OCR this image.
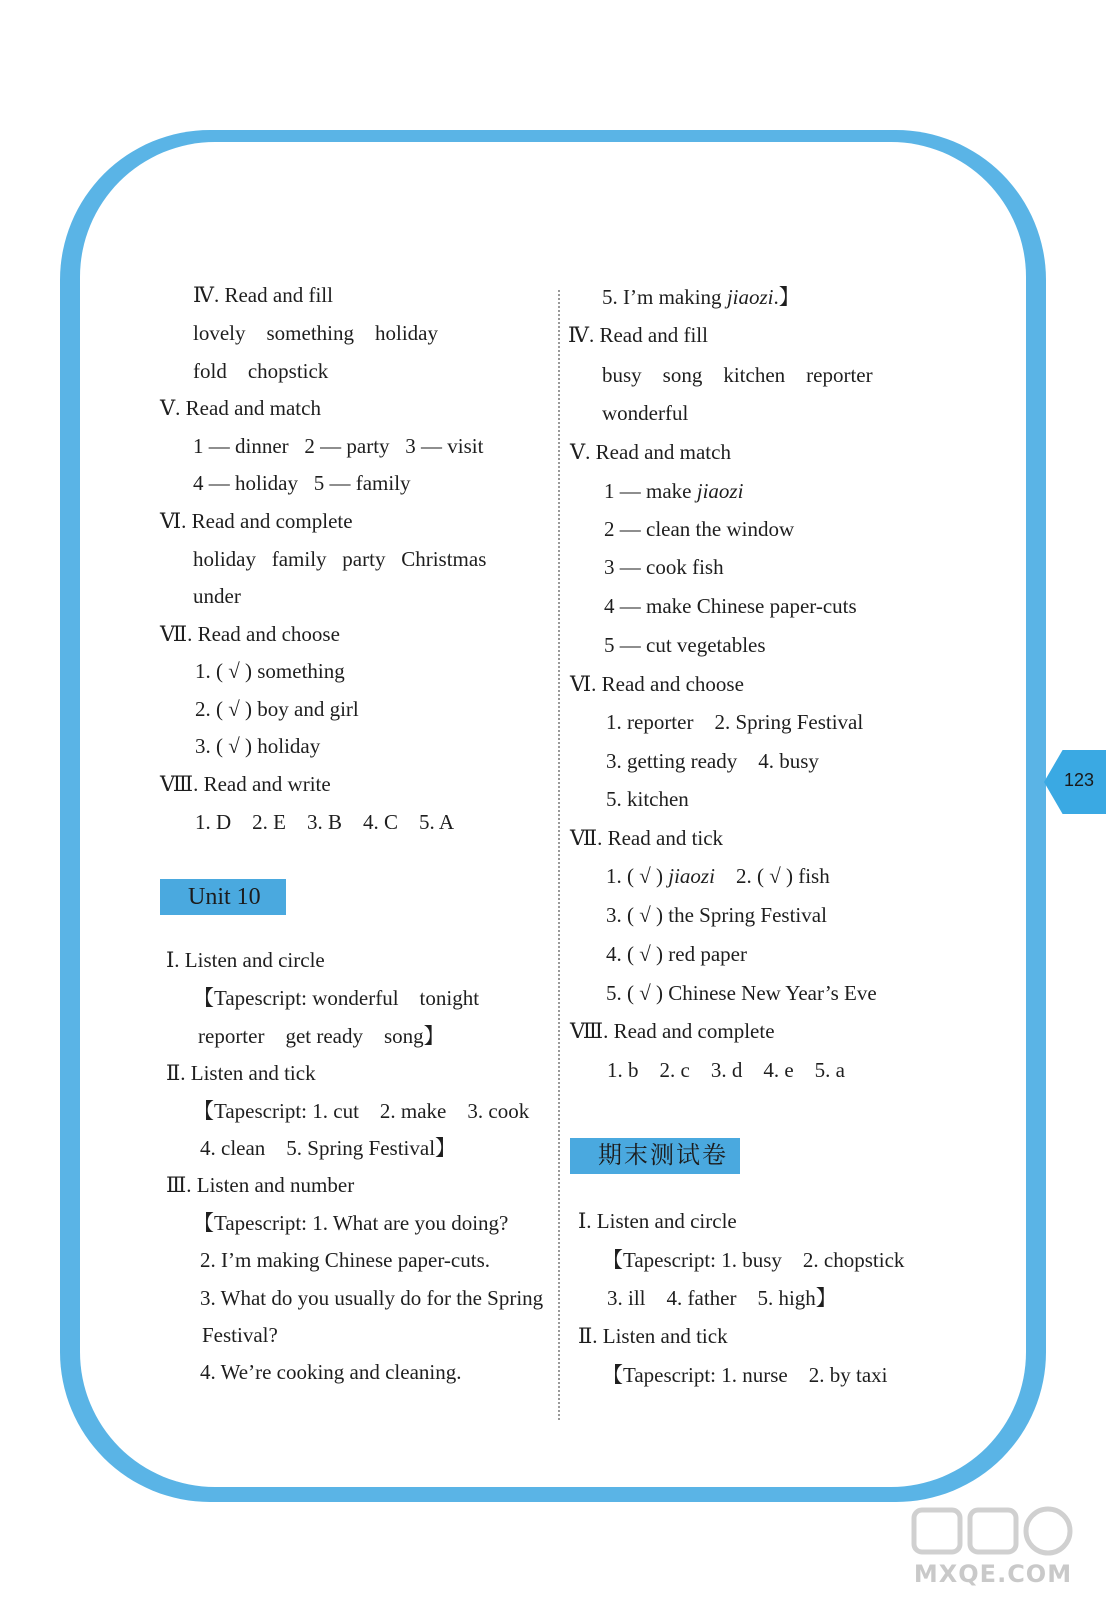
Ⅳ. Read and fill
lovely    something    holiday
fold    chopstick
Ⅴ. Read and match
1 — dinner   2 — party   3 — visit
4 — holiday   5 — family
Ⅵ. Read and complete
holiday   family   party   Christmas
under
Ⅶ. Read and choose
1. ( √ ) something
2. ( √ ) boy and girl
3. ( √ ) holiday
Ⅷ. Read and write
1. D    2. E    3. B    4. C    5. A
Unit 10
Ⅰ. Listen and circle
【Tapescript: wonderful    tonight
reporter    get ready    song】
Ⅱ. Listen and tick
【Tapescript: 1. cut    2. make    3. cook
4. clean    5. Spring Festival】
Ⅲ. Listen and number
【Tapescript: 1. What are you doing?
2. I’m making Chinese paper-cuts.
3. What do you usually do for the Spring
Festival?
4. We’re cooking and cleaning.
5. I’m making jiaozi.】
Ⅳ. Read and fill
busy    song    kitchen    reporter
wonderful
Ⅴ. Read and match
1 — make jiaozi
2 — clean the window
3 — cook fish
4 — make Chinese paper-cuts
5 — cut vegetables
Ⅵ. Read and choose
1. reporter    2. Spring Festival
3. getting ready    4. busy
5. kitchen
Ⅶ. Read and tick
1. ( √ ) jiaozi    2. ( √ ) fish
3. ( √ ) the Spring Festival
4. ( √ ) red paper
5. ( √ ) Chinese New Year’s Eve
Ⅷ. Read and complete
1. b    2. c    3. d    4. e    5. a
期末测试卷
Ⅰ. Listen and circle
【Tapescript: 1. busy    2. chopstick
3. ill    4. father    5. high】
Ⅱ. Listen and tick
【Tapescript: 1. nurse    2. by taxi
123
MXQE.COM
